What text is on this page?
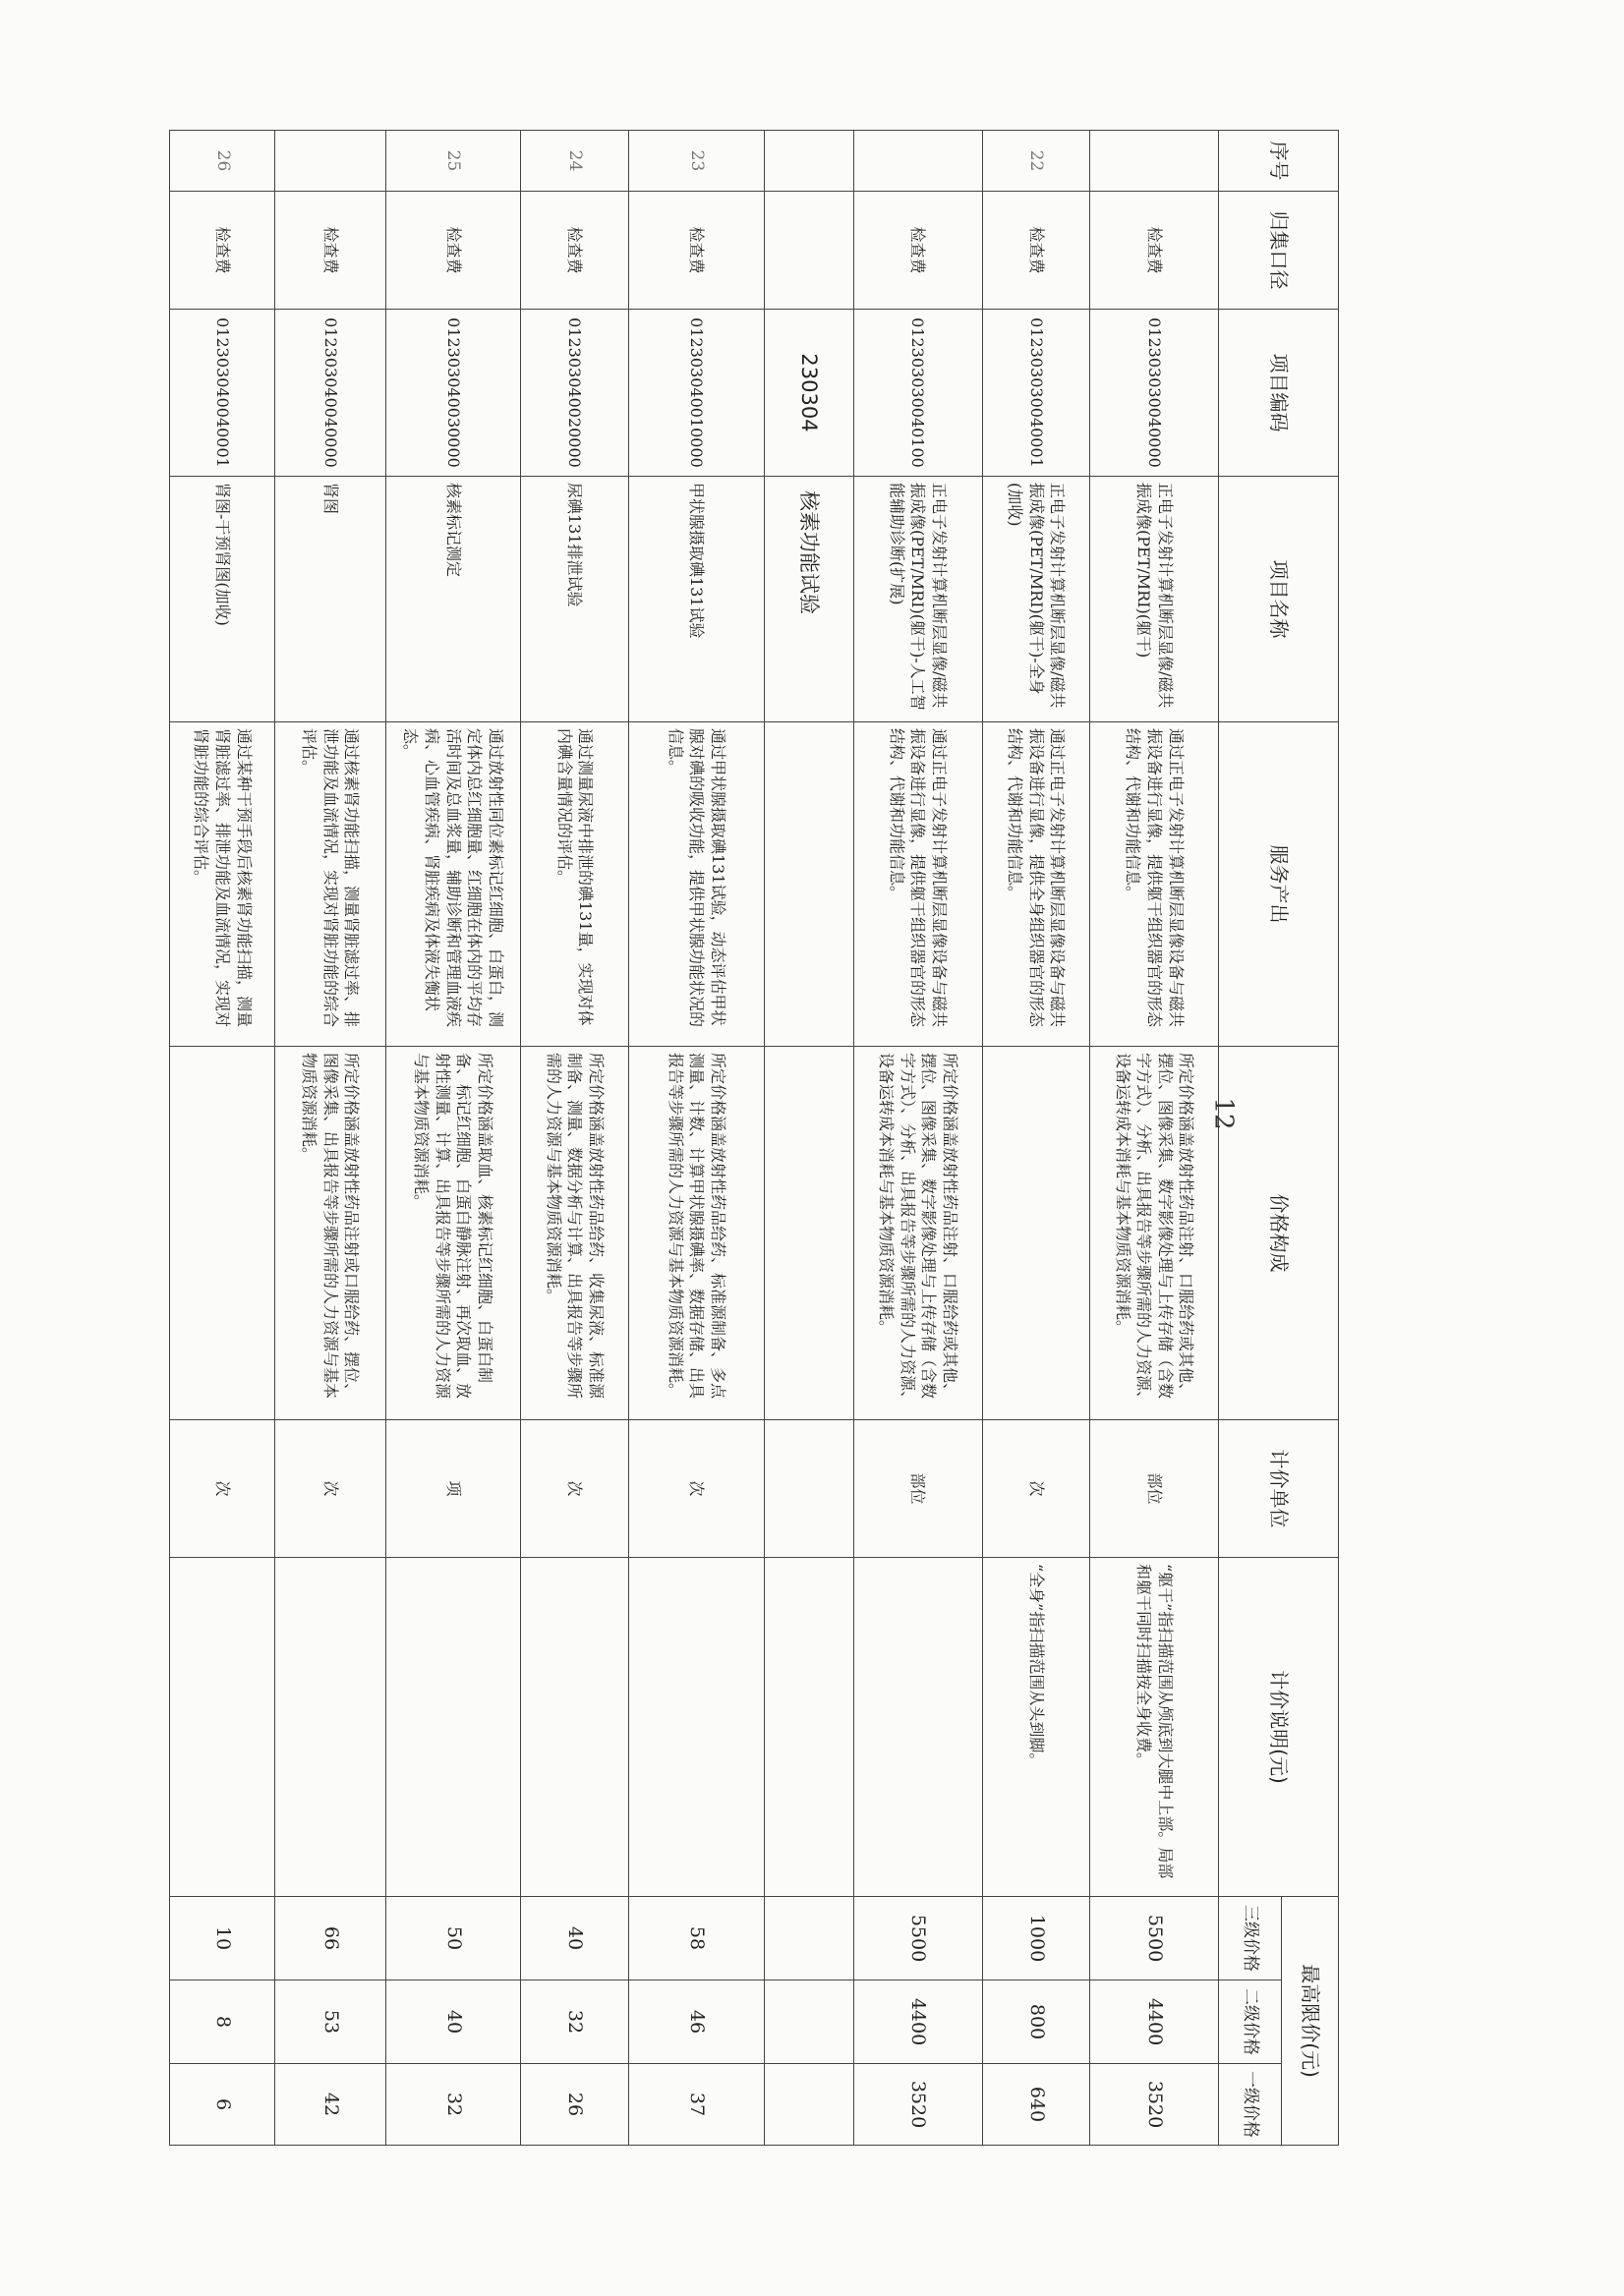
序号	归集口径	项目编码	项目名称	服务产出	价格构成	计价单位	计价说明(元)	最高限价(元)		
								三级价格	二级价格	一级价格
	检查费	012303030040000	正电子发射计算机断层显像/磁共振成像(PET/MRI)(躯干)	通过正电子发射计算机断层显像设备与磁共振设备进行显像，提供躯干组织器官的形态结构、代谢和功能信息。	所定价格涵盖放射性药品注射、口服给药或其他、摆位、图像采集、数字影像处理与上传存储（含数字方式）、分析、出具报告等步骤所需的人力资源、设备运转成本消耗与基本物质资源消耗。	部位	“躯干”指扫描范围从颅底到大腿中上部。局部和躯干同时扫描按全身收费。	5500	4400	3520
22	检查费	012303030040001	正电子发射计算机断层显像/磁共振成像(PET/MRI)(躯干)-全身(加收)	通过正电子发射计算机断层显像设备与磁共振设备进行显像，提供全身组织器官的形态结构、代谢和功能信息。		次	“全身”指扫描范围从头到脚。	1000	800	640
	检查费	012303030040100	正电子发射计算机断层显像/磁共振成像(PET/MRI)(躯干)-人工智能辅助诊断(扩展)	通过正电子发射计算机断层显像设备与磁共振设备进行显像，提供躯干组织器官的形态结构、代谢和功能信息。	所定价格涵盖放射性药品注射、口服给药或其他、摆位、图像采集、数字影像处理与上传存储（含数字方式）、分析、出具报告等步骤所需的人力资源、设备运转成本消耗与基本物质资源消耗。	部位		5500	4400	3520
		230304	核素功能试验							
23	检查费	012303040010000	甲状腺摄取碘131试验	通过甲状腺摄取碘131试验，动态评估甲状腺对碘的吸收功能，提供甲状腺功能状况的信息。	所定价格涵盖放射性药品给药、标准源制备、多点测量、计数、计算甲状腺摄碘率、数据存储、出具报告等步骤所需的人力资源与基本物质资源消耗。	次		58	46	37
24	检查费	012303040020000	尿碘131排泄试验	通过测量尿液中排泄的碘131量，实现对体内碘含量情况的评估。	所定价格涵盖放射性药品给药、收集尿液、标准源制备、测量、数据分析与计算、出具报告等步骤所需的人力资源与基本物质资源消耗。	次		40	32	26
25	检查费	012303040030000	核素标记测定	通过放射性同位素标记红细胞、白蛋白，测定体内总红细胞量、红细胞在体内的平均存活时间及总血浆量，辅助诊断和管理血液疾病、心血管疾病、肾脏疾病及体液失衡状态。	所定价格涵盖取血、核素标记红细胞、白蛋白制备、标记红细胞、白蛋白静脉注射、再次取血、放射性测量、计算、出具报告等步骤所需的人力资源与基本物质资源消耗。	项		50	40	32
	检查费	012303040040000	肾图	通过核素肾功能扫描，测量肾脏滤过率、排泄功能及血流情况，实现对肾脏功能的综合评估。	所定价格涵盖放射性药品注射或口服给药、摆位、图像采集、出具报告等步骤所需的人力资源与基本物质资源消耗。	次		66	53	42
26	检查费	012303040040001	肾图-干预肾图(加收)	通过某种干预手段后核素肾功能扫描，测量肾脏滤过率、排泄功能及血流情况，实现对肾脏功能的综合评估。		次		10	8	6
12
